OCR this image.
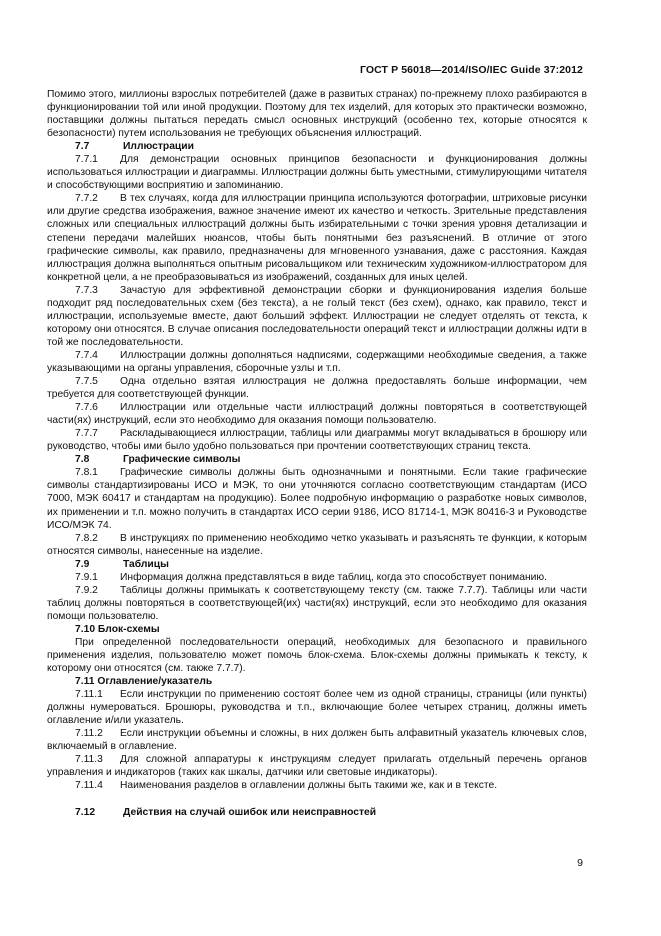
ГОСТ Р 56018—2014/ISO/IEC Guide 37:2012

Помимо этого, миллионы взрослых потребителей (даже в развитых странах) по-прежнему плохо разбираются в функционировании той или иной продукции. Поэтому для тех изделий, для которых это практически возможно, поставщики должны пытаться передать смысл основных инструкций (особенно тех, которые относятся к безопасности) путем использования не требующих объяснения иллюстраций.

7.7	Иллюстрации

7.7.1 Для демонстрации основных принципов безопасности и функционирования должны использоваться иллюстрации и диаграммы. Иллюстрации должны быть уместными, стимулирующими читателя и способствующими восприятию и запоминанию.

7.7.2 В тех случаях, когда для иллюстрации принципа используются фотографии, штриховые рисунки или другие средства изображения, важное значение имеют их качество и четкость. Зрительные представления сложных или специальных иллюстраций должны быть избирательными с точки зрения уровня детализации и степени передачи малейших нюансов, чтобы быть понятными без разъяснений. В отличие от этого графические символы, как правило, предназначены для мгновенного узнавания, даже с расстояния. Каждая иллюстрация должна выполняться опытным рисовальщиком или техническим художником-иллюстратором для конкретной цели, а не преобразовываться из изображений, созданных для иных целей.

7.7.3 Зачастую для эффективной демонстрации сборки и функционирования изделия больше подходит ряд последовательных схем (без текста), а не голый текст (без схем), однако, как правило, текст и иллюстрации, используемые вместе, дают больший эффект. Иллюстрации не следует отделять от текста, к которому они относятся. В случае описания последовательности операций текст и иллюстрации должны идти в той же последовательности.

7.7.4 Иллюстрации должны дополняться надписями, содержащими необходимые сведения, а также указывающими на органы управления, сборочные узлы и т.п.

7.7.5 Одна отдельно взятая иллюстрация не должна предоставлять больше информации, чем требуется для соответствующей функции.

7.7.6 Иллюстрации или отдельные части иллюстраций должны повторяться в соответствующей части(ях) инструкций, если это необходимо для оказания помощи пользователю.

7.7.7 Раскладывающиеся иллюстрации, таблицы или диаграммы могут вкладываться в брошюру или руководство, чтобы ими было удобно пользоваться при прочтении соответствующих страниц текста.

7.8	Графические символы

7.8.1 Графические символы должны быть однозначными и понятными. Если такие графические символы стандартизированы ИСО и МЭК, то они уточняются согласно соответствующим стандартам (ИСО 7000, МЭК 60417 и стандартам на продукцию). Более подробную информацию о разработке новых символов, их применении и т.п. можно получить в стандартах ИСО серии 9186, ИСО 81714-1, МЭК 80416-3 и Руководстве ИСО/МЭК 74.

7.8.2 В инструкциях по применению необходимо четко указывать и разъяснять те функции, к которым относятся символы, нанесенные на изделие.

7.9	Таблицы

7.9.1 Информация должна представляться в виде таблиц, когда это способствует пониманию.

7.9.2 Таблицы должны примыкать к соответствующему тексту (см. также 7.7.7). Таблицы или части таблиц должны повторяться в соответствующей(их) части(ях) инструкций, если это необходимо для оказания помощи пользователю.

7.10 Блок-схемы

При определенной последовательности операций, необходимых для безопасного и правильного применения изделия, пользователю может помочь блок-схема. Блок-схемы должны примыкать к тексту, к которому они относятся (см. также 7.7.7).

7.11 Оглавление/указатель

7.11.1 Если инструкции по применению состоят более чем из одной страницы, страницы (или пункты) должны нумероваться. Брошюры, руководства и т.п., включающие более четырех страниц, должны иметь оглавление и/или указатель.

7.11.2 Если инструкции объемны и сложны, в них должен быть алфавитный указатель ключевых слов, включаемый в оглавление.

7.11.3 Для сложной аппаратуры к инструкциям следует прилагать отдельный перечень органов управления и индикаторов (таких как шкалы, датчики или световые индикаторы).

7.11.4 Наименования разделов в оглавлении должны быть такими же, как и в тексте.

7.12	Действия на случай ошибок или неисправностей

9
